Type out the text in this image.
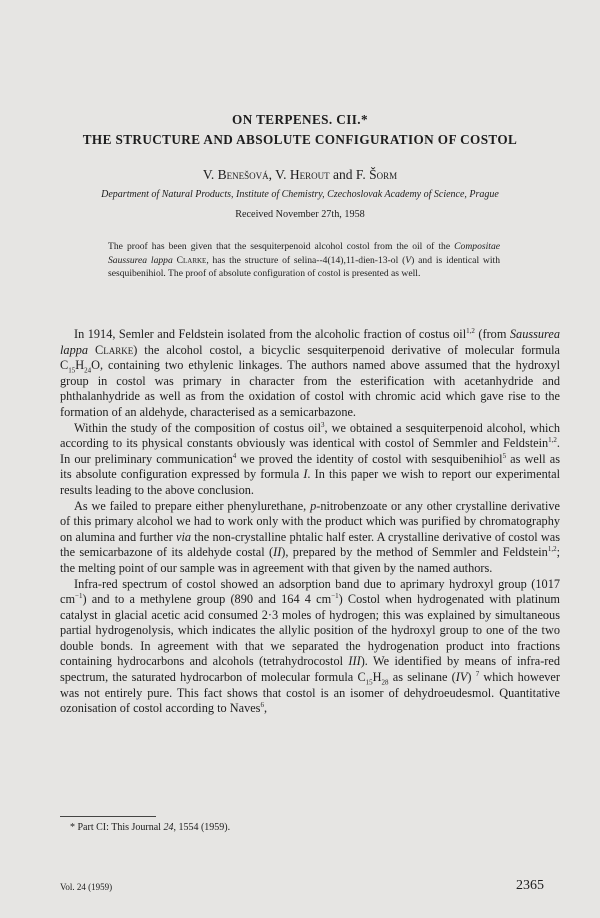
ON TERPENES. CII.*
THE STRUCTURE AND ABSOLUTE CONFIGURATION OF COSTOL
V. Benešová, V. Herout and F. Šorm
Department of Natural Products, Institute of Chemistry, Czechoslovak Academy of Science, Prague
Received November 27th, 1958
The proof has been given that the sesquiterpenoid alcohol costol from the oil of the Compositae Saussurea lappa Clarke, has the structure of selina--4(14),11-dien-13-ol (V) and is identical with sesquibenihiol. The proof of absolute configuration of costol is presented as well.

In 1914, Semler and Feldstein isolated from the alcoholic fraction of costus oil$^{1,2}$ (from Saussurea lappa Clarke) the alcohol costol, a bicyclic sesquiterpenoid derivative of molecular formula $C_{15}H_{24}O$, containing two ethylenic linkages. The authors named above assumed that the hydroxyl group in costol was primary in character from the esterification with acetanhydride and phthalanhydride as well as from the oxidation of costol with chromic acid which gave rise to the formation of an aldehyde, characterised as a semicarbazone.

Within the study of the composition of costus oil$^3$, we obtained a sesquiterpenoid alcohol, which according to its physical constants obviously was identical with costol of Semmler and Feldstein$^{1,2}$. In our preliminary communication$^4$ we proved the identity of costol with sesquibenihiol$^5$ as well as its absolute configuration expressed by formula I. In this paper we wish to report our experimental results leading to the above conclusion.

As we failed to prepare either phenylurethane, p-nitrobenzoate or any other crystalline derivative of this primary alcohol we had to work only with the product which was purified by chromatography on alumina and further via the non-crystalline phtalic half ester. A crystalline derivative of costol was the semicarbazone of its aldehyde costal (II), prepared by the method of Semmler and Feldstein$^{1,2}$; the melting point of our sample was in agreement with that given by the named authors.

Infra-red spectrum of costol showed an adsorption band due to aprimary hydroxyl group (1017 $cm^{-1}$) and to a methylene group (890 and 164 4 $cm^{-1}$) Costol when hydrogenated with platinum catalyst in glacial acetic acid consumed 2·3 moles of hydrogen; this was explained by simultaneous partial hydrogenolysis, which indicates the allylic position of the hydroxyl group to one of the two double bonds. In agreement with that we separated the hydrogenation product into fractions containing hydrocarbons and alcohols (tetrahydrocostol III). We identified by means of infra-red spectrum, the saturated hydrocarbon of molecular formula $C_{15}H_{28}$ as selinane (IV) $^7$ which however was not entirely pure. This fact shows that costol is an isomer of dehydroeudesmol. Quantitative ozonisation of costol according to Naves$^6$,

* Part CI: This Journal 24, 1554 (1959).
Vol. 24 (1959)	2365
